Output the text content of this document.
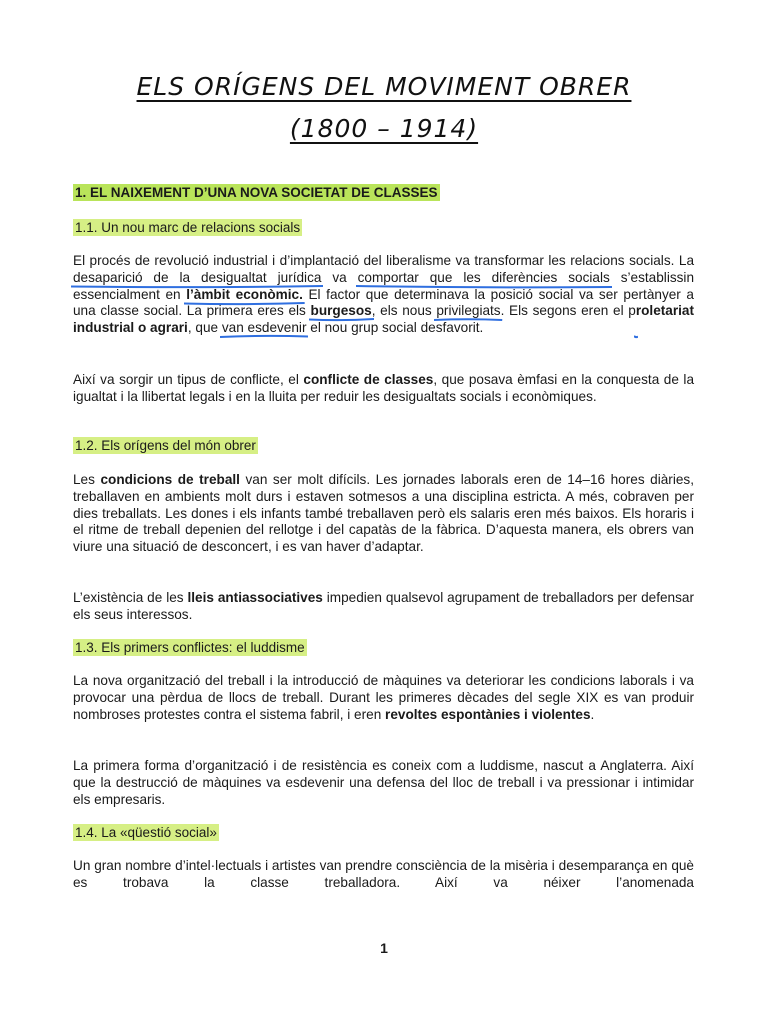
ELS ORÍGENS DEL MOVIMENT OBRER
(1800 – 1914)
1. EL NAIXEMENT D’UNA NOVA SOCIETAT DE CLASSES
1.1. Un nou marc de relacions socials

El procés de revolució industrial i d’implantació del liberalisme va transformar les relacions socials. La desaparició de la desigualtat jurídica
va comportar que les diferències socials
s’establissin essencialment en l’àmbit econòmic.
El factor que determinava la posició social va ser pertànyer a una classe social. La primera eres els burgesos
, els nous privilegiats
. Els segons eren el proletariat industrial o agrari
, que van esdevenir
el nou grup social desfavorit.

Així va sorgir un tipus de conflicte, el conflicte de classes, que posava èmfasi en la conquesta de la igualtat i la llibertat legals i en la lluita per reduir les desigualtats socials i econòmiques.

1.2. Els orígens del món obrer

Les condicions de treball van ser molt difícils. Les jornades laborals eren de 14–16 hores diàries, treballaven en ambients molt durs i estaven sotmesos a una disciplina estricta. A més, cobraven per dies treballats. Les dones i els infants també treballaven però els salaris eren més baixos. Els horaris i el ritme de treball depenien del rellotge i del capatàs de la fàbrica. D’aquesta manera, els obrers van viure una situació de desconcert, i es van haver d’adaptar.

L’existència de les lleis antiassociatives impedien qualsevol agrupament de treballadors per defensar els seus interessos.

1.3. Els primers conflictes: el luddisme

La nova organització del treball i la introducció de màquines va deteriorar les condicions laborals i va provocar una pèrdua de llocs de treball. Durant les primeres dècades del segle XIX es van produir nombroses protestes contra el sistema fabril, i eren revoltes espontànies i violentes.

La primera forma d’organització i de resistència es coneix com a luddisme, nascut a Anglaterra. Així que la destrucció de màquines va esdevenir una defensa del lloc de treball i va pressionar i intimidar els empresaris.

1.4. La «qüestió social»

Un gran nombre d’intel·lectuals i artistes van prendre consciència de la misèria i desemparança en què es trobava la classe treballadora. Així va néixer l’anomenada

1
